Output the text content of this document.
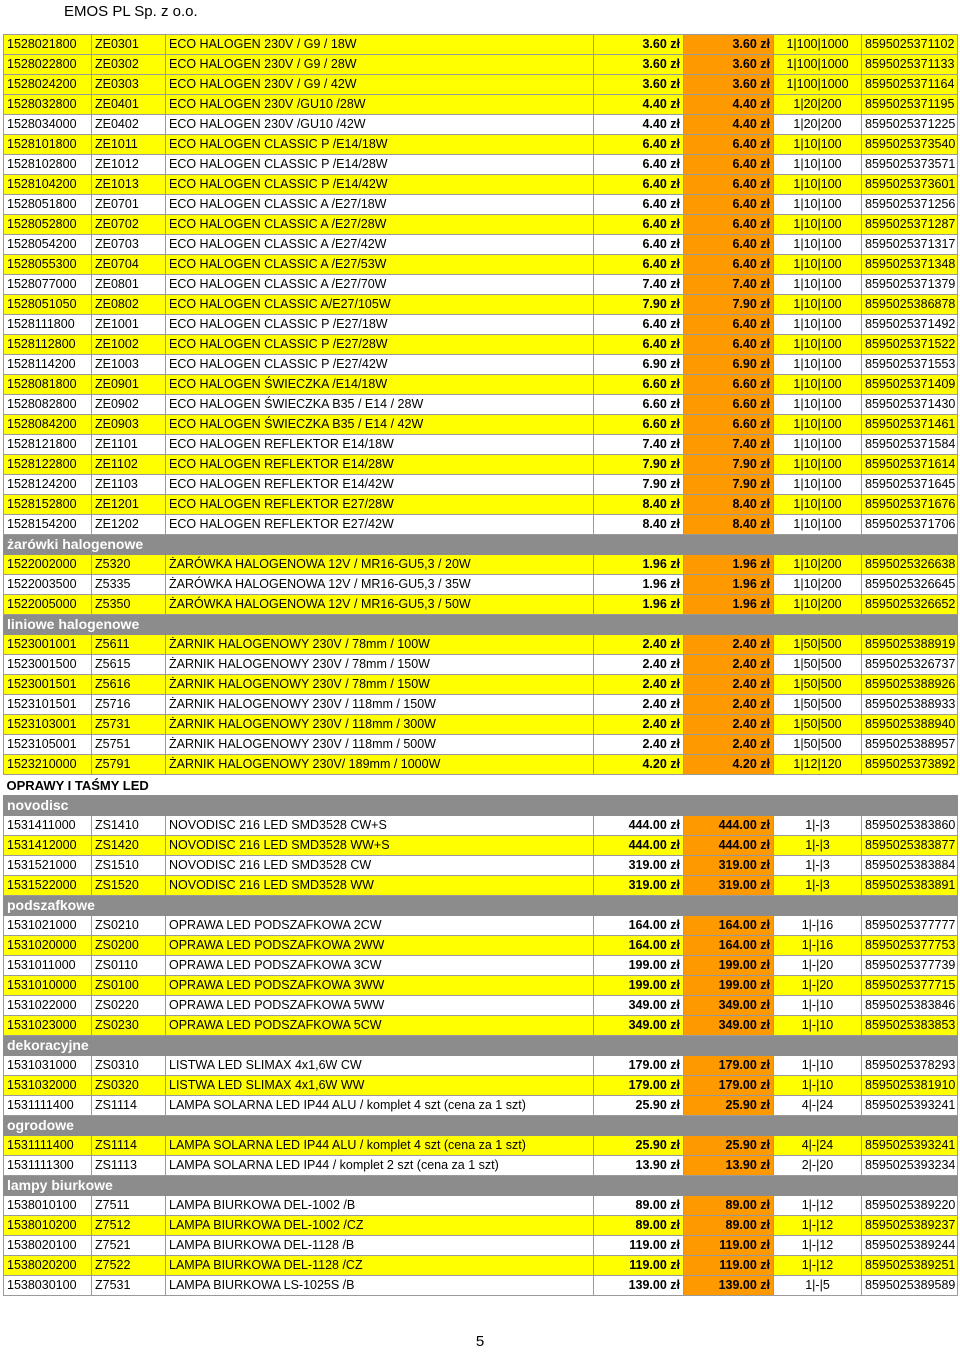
EMOS PL Sp. z o.o.
1528021800	ZE0301	ECO HALOGEN 230V / G9 / 18W	3.60 zł	3.60 zł	1|100|1000	8595025371102
1528022800	ZE0302	ECO HALOGEN 230V / G9 / 28W	3.60 zł	3.60 zł	1|100|1000	8595025371133
1528024200	ZE0303	ECO HALOGEN 230V / G9 / 42W	3.60 zł	3.60 zł	1|100|1000	8595025371164
1528032800	ZE0401	ECO HALOGEN 230V /GU10 /28W	4.40 zł	4.40 zł	1|20|200	8595025371195
1528034000	ZE0402	ECO HALOGEN 230V /GU10 /42W	4.40 zł	4.40 zł	1|20|200	8595025371225
1528101800	ZE1011	ECO HALOGEN CLASSIC P /E14/18W	6.40 zł	6.40 zł	1|10|100	8595025373540
1528102800	ZE1012	ECO HALOGEN CLASSIC P /E14/28W	6.40 zł	6.40 zł	1|10|100	8595025373571
1528104200	ZE1013	ECO HALOGEN CLASSIC P /E14/42W	6.40 zł	6.40 zł	1|10|100	8595025373601
1528051800	ZE0701	ECO HALOGEN CLASSIC A /E27/18W	6.40 zł	6.40 zł	1|10|100	8595025371256
1528052800	ZE0702	ECO HALOGEN CLASSIC A /E27/28W	6.40 zł	6.40 zł	1|10|100	8595025371287
1528054200	ZE0703	ECO HALOGEN CLASSIC A /E27/42W	6.40 zł	6.40 zł	1|10|100	8595025371317
1528055300	ZE0704	ECO HALOGEN CLASSIC A /E27/53W	6.40 zł	6.40 zł	1|10|100	8595025371348
1528077000	ZE0801	ECO HALOGEN CLASSIC A /E27/70W	7.40 zł	7.40 zł	1|10|100	8595025371379
1528051050	ZE0802	ECO HALOGEN CLASSIC A/E27/105W	7.90 zł	7.90 zł	1|10|100	8595025386878
1528111800	ZE1001	ECO HALOGEN CLASSIC P /E27/18W	6.40 zł	6.40 zł	1|10|100	8595025371492
1528112800	ZE1002	ECO HALOGEN CLASSIC P /E27/28W	6.40 zł	6.40 zł	1|10|100	8595025371522
1528114200	ZE1003	ECO HALOGEN CLASSIC P /E27/42W	6.90 zł	6.90 zł	1|10|100	8595025371553
1528081800	ZE0901	ECO HALOGEN ŚWIECZKA /E14/18W	6.60 zł	6.60 zł	1|10|100	8595025371409
1528082800	ZE0902	ECO HALOGEN ŚWIECZKA B35 / E14 / 28W	6.60 zł	6.60 zł	1|10|100	8595025371430
1528084200	ZE0903	ECO HALOGEN ŚWIECZKA B35 / E14 / 42W	6.60 zł	6.60 zł	1|10|100	8595025371461
1528121800	ZE1101	ECO HALOGEN REFLEKTOR E14/18W	7.40 zł	7.40 zł	1|10|100	8595025371584
1528122800	ZE1102	ECO HALOGEN REFLEKTOR E14/28W	7.90 zł	7.90 zł	1|10|100	8595025371614
1528124200	ZE1103	ECO HALOGEN REFLEKTOR E14/42W	7.90 zł	7.90 zł	1|10|100	8595025371645
1528152800	ZE1201	ECO HALOGEN REFLEKTOR E27/28W	8.40 zł	8.40 zł	1|10|100	8595025371676
1528154200	ZE1202	ECO HALOGEN REFLEKTOR E27/42W	8.40 zł	8.40 zł	1|10|100	8595025371706
żarówki halogenowe						
1522002000	Z5320	ŻARÓWKA HALOGENOWA 12V / MR16-GU5,3 / 20W	1.96 zł	1.96 zł	1|10|200	8595025326638
1522003500	Z5335	ŻARÓWKA HALOGENOWA 12V / MR16-GU5,3 / 35W	1.96 zł	1.96 zł	1|10|200	8595025326645
1522005000	Z5350	ŻARÓWKA HALOGENOWA 12V / MR16-GU5,3 / 50W	1.96 zł	1.96 zł	1|10|200	8595025326652
liniowe halogenowe						
1523001001	Z5611	ŻARNIK HALOGENOWY 230V / 78mm / 100W	2.40 zł	2.40 zł	1|50|500	8595025388919
1523001500	Z5615	ŻARNIK HALOGENOWY 230V / 78mm / 150W	2.40 zł	2.40 zł	1|50|500	8595025326737
1523001501	Z5616	ŻARNIK HALOGENOWY 230V / 78mm / 150W	2.40 zł	2.40 zł	1|50|500	8595025388926
1523101501	Z5716	ŻARNIK HALOGENOWY 230V / 118mm / 150W	2.40 zł	2.40 zł	1|50|500	8595025388933
1523103001	Z5731	ŻARNIK HALOGENOWY 230V / 118mm / 300W	2.40 zł	2.40 zł	1|50|500	8595025388940
1523105001	Z5751	ŻARNIK HALOGENOWY 230V / 118mm / 500W	2.40 zł	2.40 zł	1|50|500	8595025388957
1523210000	Z5791	ŻARNIK HALOGENOWY 230V/ 189mm / 1000W	4.20 zł	4.20 zł	1|12|120	8595025373892
OPRAWY I TAŚMY LED						
novodisc						
1531411000	ZS1410	NOVODISC 216 LED SMD3528 CW+S	444.00 zł	444.00 zł	1|-|3	8595025383860
1531412000	ZS1420	NOVODISC 216 LED SMD3528 WW+S	444.00 zł	444.00 zł	1|-|3	8595025383877
1531521000	ZS1510	NOVODISC 216 LED SMD3528 CW	319.00 zł	319.00 zł	1|-|3	8595025383884
1531522000	ZS1520	NOVODISC 216 LED SMD3528 WW	319.00 zł	319.00 zł	1|-|3	8595025383891
podszafkowe						
1531021000	ZS0210	OPRAWA LED PODSZAFKOWA 2CW	164.00 zł	164.00 zł	1|-|16	8595025377777
1531020000	ZS0200	OPRAWA LED PODSZAFKOWA 2WW	164.00 zł	164.00 zł	1|-|16	8595025377753
1531011000	ZS0110	OPRAWA LED PODSZAFKOWA 3CW	199.00 zł	199.00 zł	1|-|20	8595025377739
1531010000	ZS0100	OPRAWA LED PODSZAFKOWA 3WW	199.00 zł	199.00 zł	1|-|20	8595025377715
1531022000	ZS0220	OPRAWA LED PODSZAFKOWA 5WW	349.00 zł	349.00 zł	1|-|10	8595025383846
1531023000	ZS0230	OPRAWA LED PODSZAFKOWA 5CW	349.00 zł	349.00 zł	1|-|10	8595025383853
dekoracyjne						
1531031000	ZS0310	LISTWA LED SLIMAX 4x1,6W CW	179.00 zł	179.00 zł	1|-|10	8595025378293
1531032000	ZS0320	LISTWA LED SLIMAX 4x1,6W WW	179.00 zł	179.00 zł	1|-|10	8595025381910
1531111400	ZS1114	LAMPA SOLARNA LED IP44 ALU / komplet 4 szt (cena za 1 szt)	25.90 zł	25.90 zł	4|-|24	8595025393241
ogrodowe						
1531111400	ZS1114	LAMPA SOLARNA LED IP44 ALU / komplet 4 szt (cena za 1 szt)	25.90 zł	25.90 zł	4|-|24	8595025393241
1531111300	ZS1113	LAMPA SOLARNA LED IP44 / komplet 2 szt (cena za 1 szt)	13.90 zł	13.90 zł	2|-|20	8595025393234
lampy biurkowe						
1538010100	Z7511	LAMPA BIURKOWA DEL-1002 /B	89.00 zł	89.00 zł	1|-|12	8595025389220
1538010200	Z7512	LAMPA BIURKOWA DEL-1002 /CZ	89.00 zł	89.00 zł	1|-|12	8595025389237
1538020100	Z7521	LAMPA BIURKOWA DEL-1128 /B	119.00 zł	119.00 zł	1|-|12	8595025389244
1538020200	Z7522	LAMPA BIURKOWA DEL-1128 /CZ	119.00 zł	119.00 zł	1|-|12	8595025389251
1538030100	Z7531	LAMPA BIURKOWA LS-1025S /B	139.00 zł	139.00 zł	1|-|5	8595025389589
5
